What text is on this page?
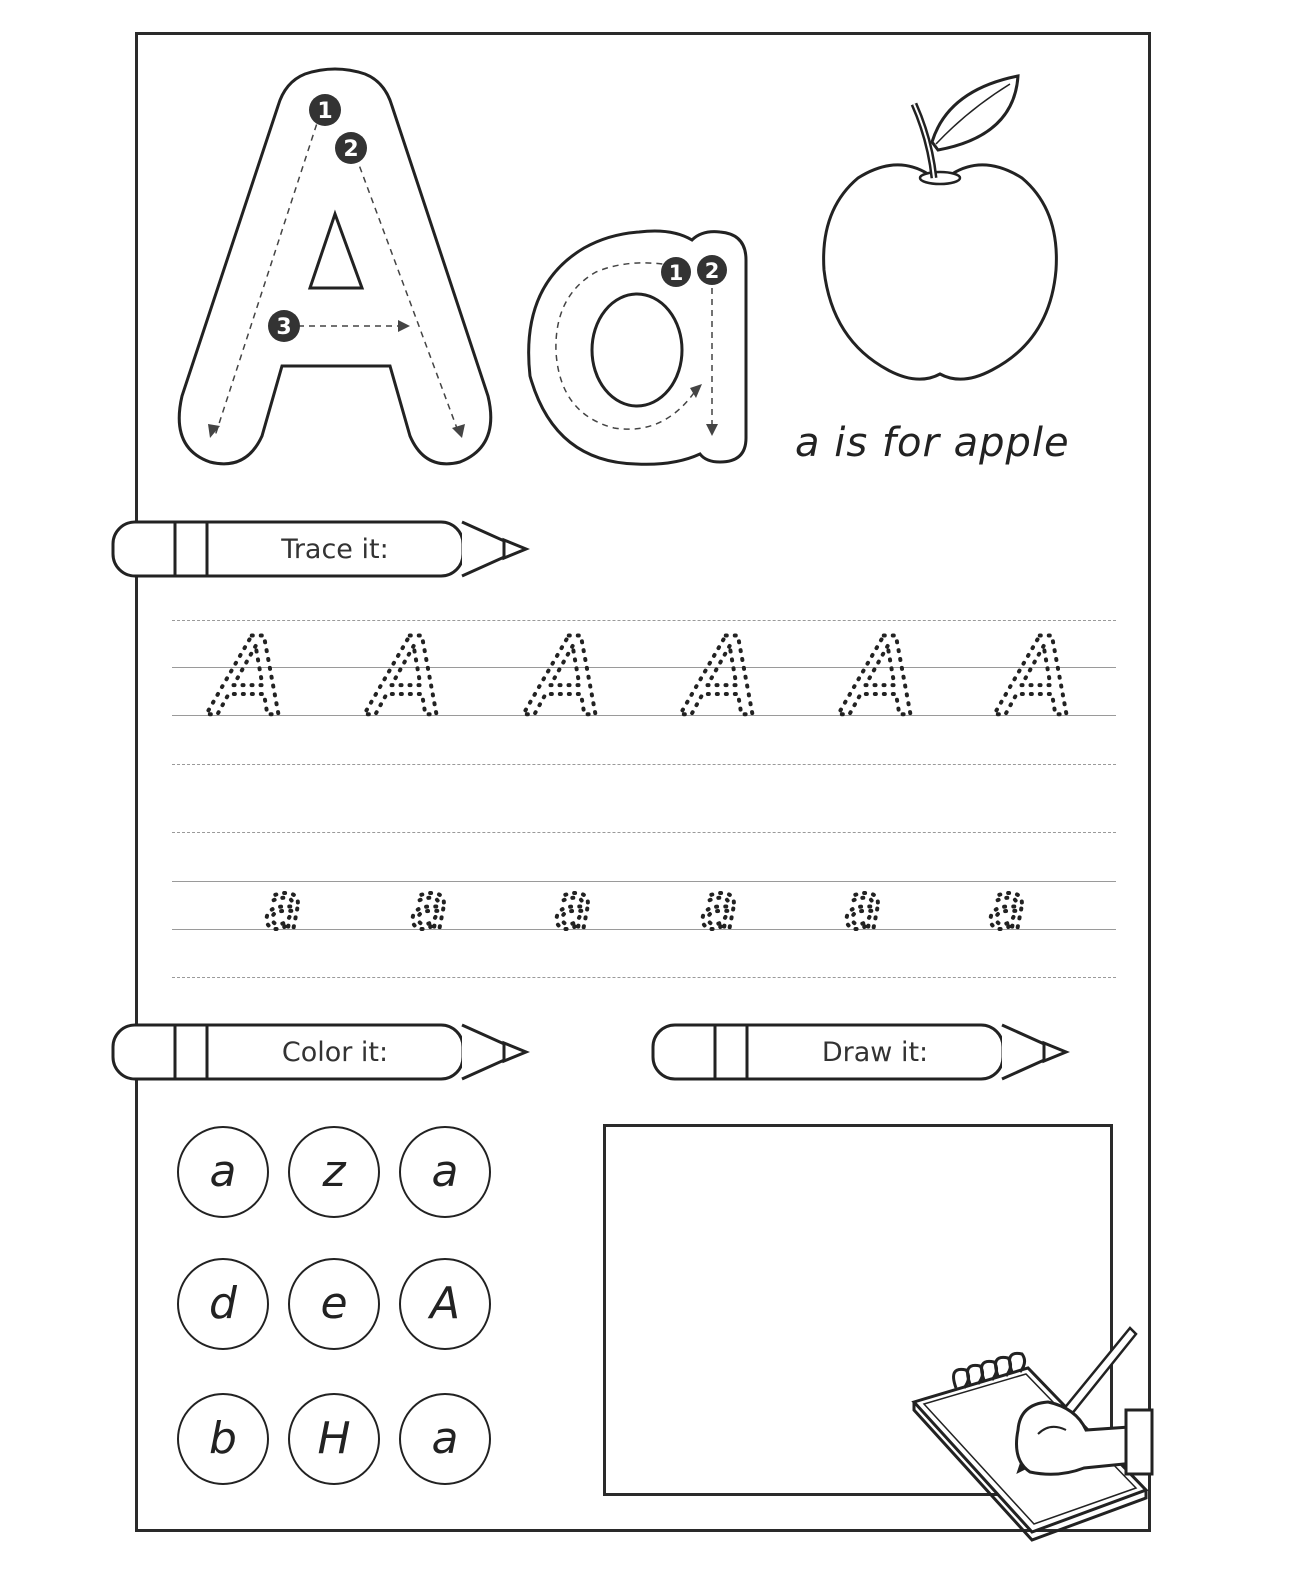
1
2
3
1 2
a is for apple
Trace it:
A A A A A A
a a a a a a
Color it:	Draw it:
a z a
d e A
b H a
